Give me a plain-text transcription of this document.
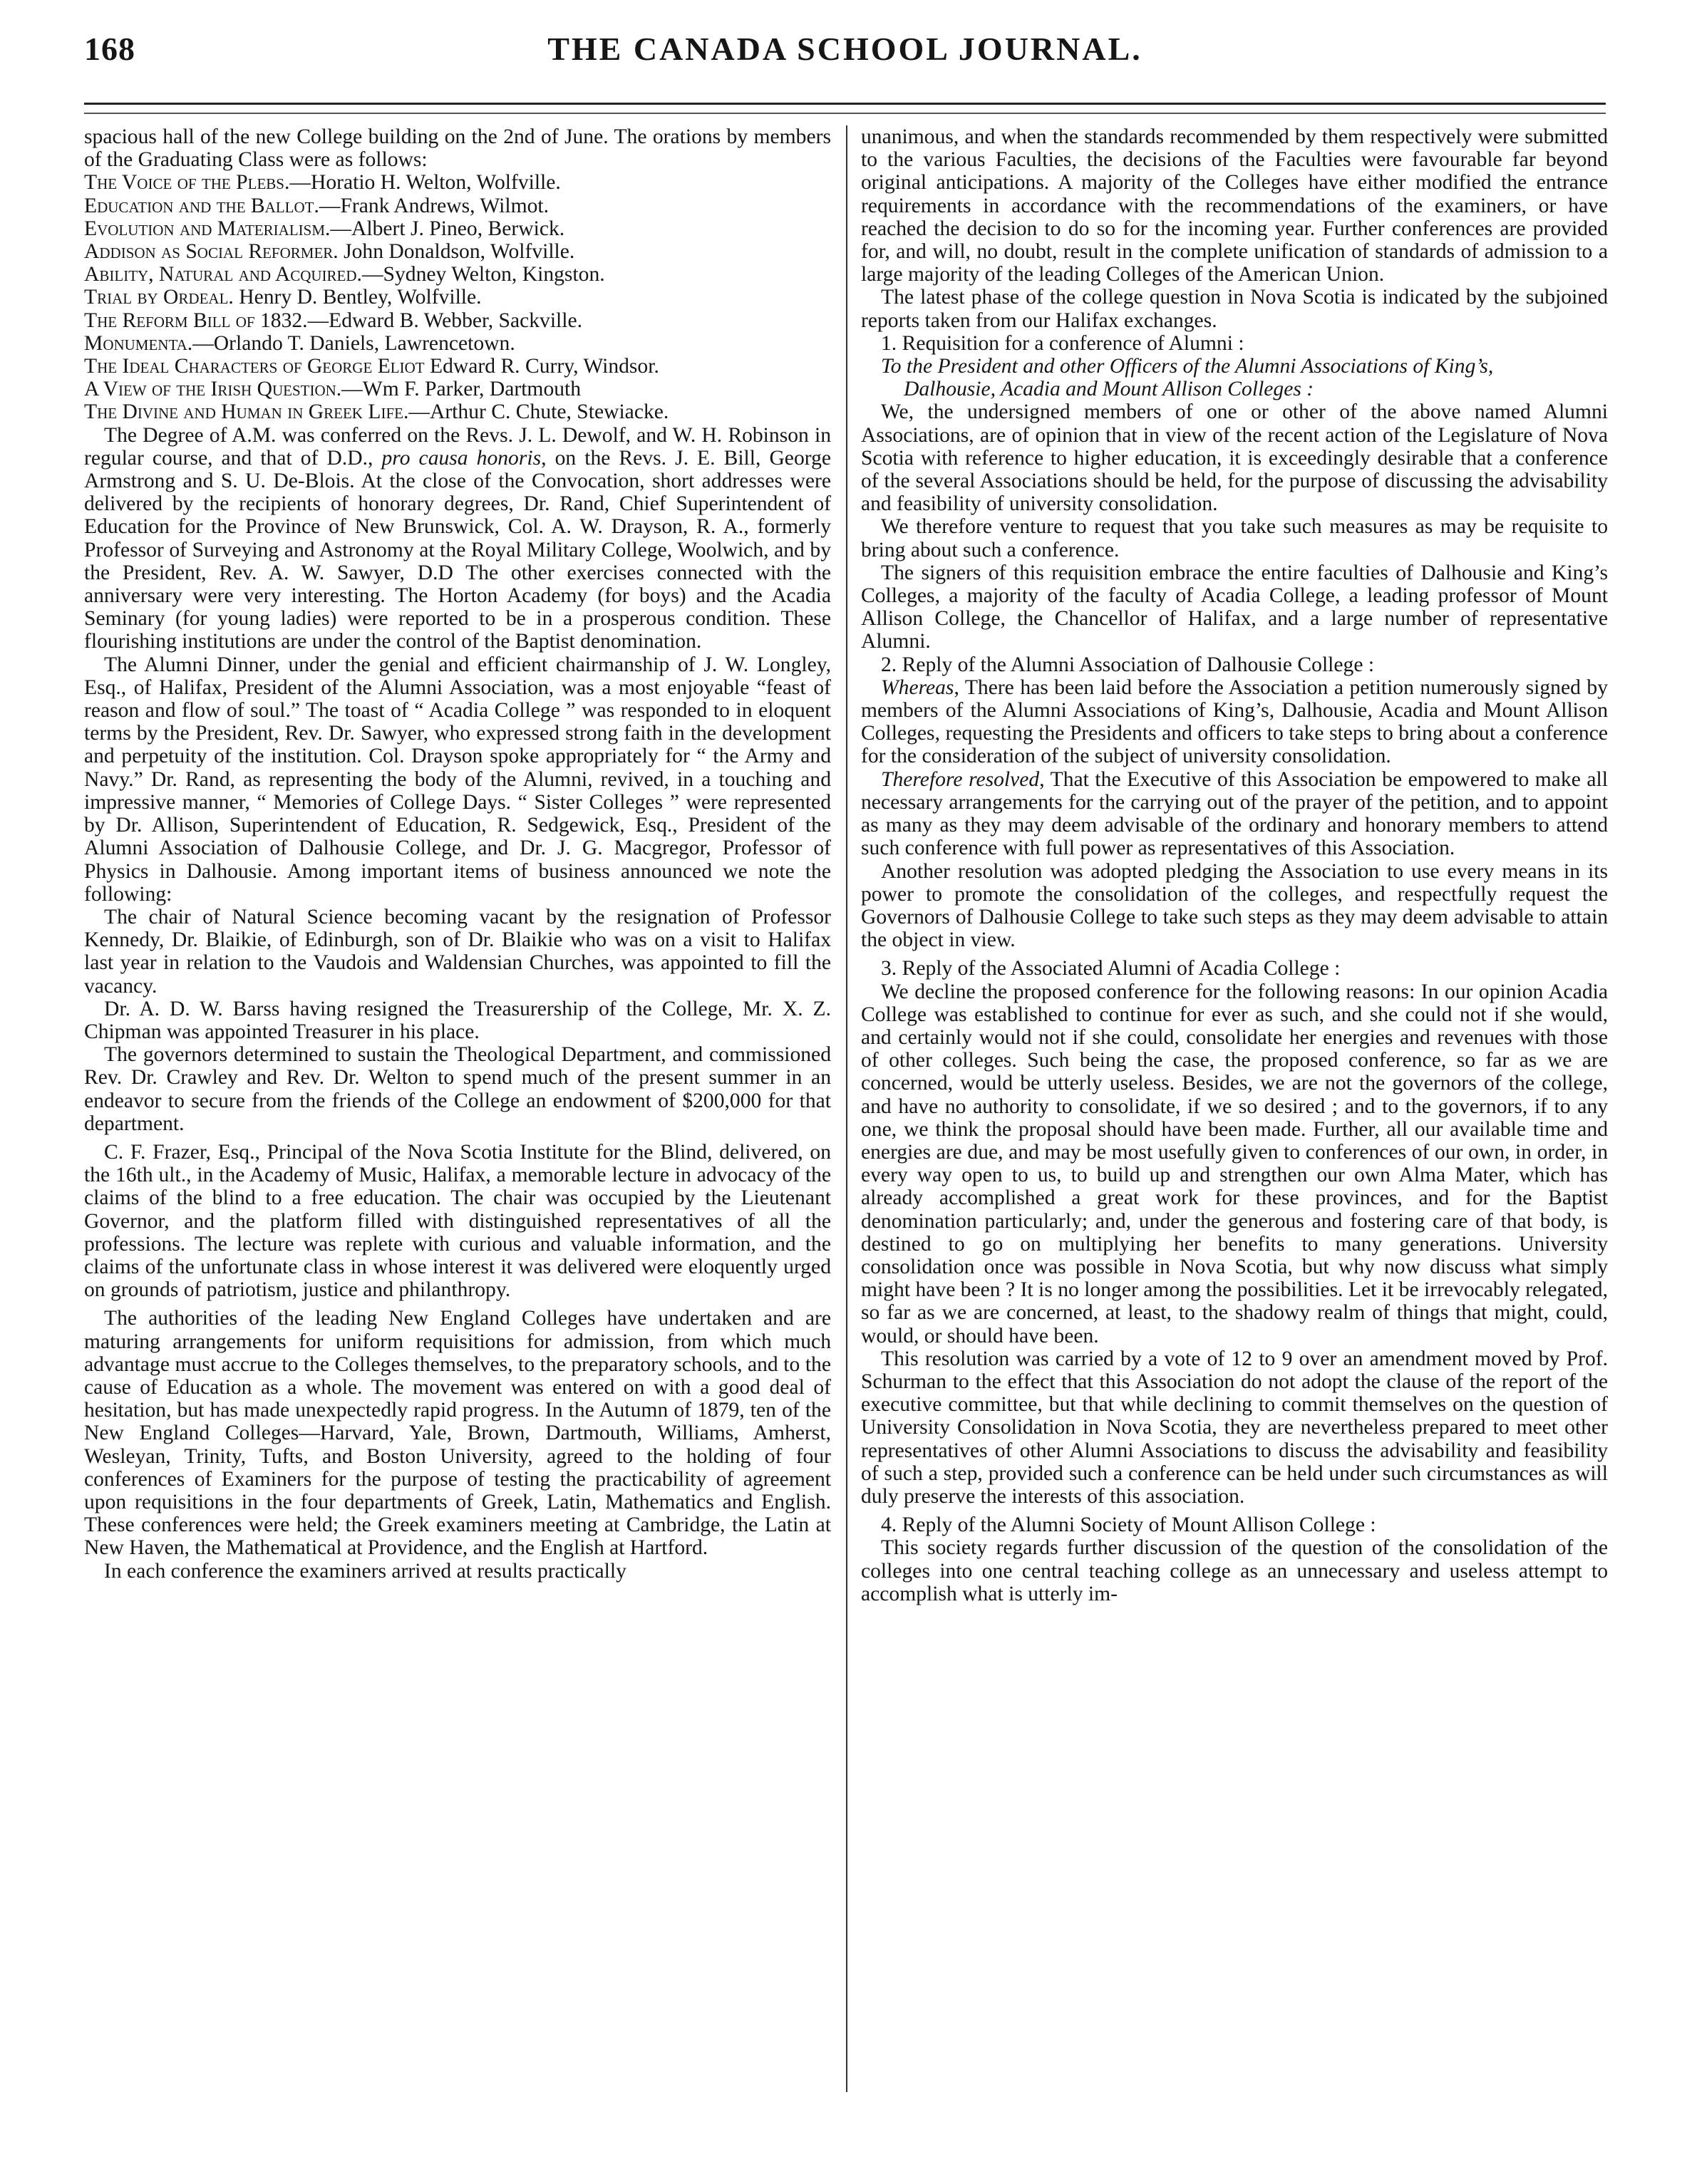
168	THE CANADA SCHOOL JOURNAL.

spacious hall of the new College building on the 2nd of June. The orations by members of the Graduating Class were as follows:

The Voice of the Plebs.—Horatio H. Welton, Wolfville.

Education and the Ballot.—Frank Andrews, Wilmot.

Evolution and Materialism.—Albert J. Pineo, Berwick.

Addison as Social Reformer. John Donaldson, Wolfville.

Ability, Natural and Acquired.—Sydney Welton, Kingston.

Trial by Ordeal. Henry D. Bentley, Wolfville.

The Reform Bill of 1832.—Edward B. Webber, Sackville.

Monumenta.—Orlando T. Daniels, Lawrencetown.

The Ideal Characters of George Eliot Edward R. Curry, Windsor.

A View of the Irish Question.—Wm F. Parker, Dartmouth

The Divine and Human in Greek Life.—Arthur C. Chute, Stewiacke.

The Degree of A.M. was conferred on the Revs. J. L. Dewolf, and W. H. Robinson in regular course, and that of D.D., pro causa honoris, on the Revs. J. E. Bill, George Armstrong and S. U. De-Blois. At the close of the Convocation, short addresses were delivered by the recipients of honorary degrees, Dr. Rand, Chief Superintendent of Education for the Province of New Brunswick, Col. A. W. Drayson, R. A., formerly Professor of Surveying and Astronomy at the Royal Military College, Woolwich, and by the President, Rev. A. W. Sawyer, D.D The other exercises connected with the anniversary were very interesting. The Horton Academy (for boys) and the Acadia Seminary (for young ladies) were reported to be in a prosperous condition. These flourishing institutions are under the control of the Baptist denomination.

The Alumni Dinner, under the genial and efficient chairmanship of J. W. Longley, Esq., of Halifax, President of the Alumni Association, was a most enjoyable “feast of reason and flow of soul.” The toast of “ Acadia College ” was responded to in eloquent terms by the President, Rev. Dr. Sawyer, who expressed strong faith in the development and perpetuity of the institution. Col. Drayson spoke appropriately for “ the Army and Navy.” Dr. Rand, as representing the body of the Alumni, revived, in a touching and impressive manner, “ Memories of College Days. “ Sister Colleges ” were represented by Dr. Allison, Superintendent of Education, R. Sedgewick, Esq., President of the Alumni Association of Dalhousie College, and Dr. J. G. Macgregor, Professor of Physics in Dalhousie. Among important items of business announced we note the following:

The chair of Natural Science becoming vacant by the resignation of Professor Kennedy, Dr. Blaikie, of Edinburgh, son of Dr. Blaikie who was on a visit to Halifax last year in relation to the Vaudois and Waldensian Churches, was appointed to fill the vacancy.

Dr. A. D. W. Barss having resigned the Treasurership of the College, Mr. X. Z. Chipman was appointed Treasurer in his place.

The governors determined to sustain the Theological Department, and commissioned Rev. Dr. Crawley and Rev. Dr. Welton to spend much of the present summer in an endeavor to secure from the friends of the College an endowment of $200,000 for that department.

C. F. Frazer, Esq., Principal of the Nova Scotia Institute for the Blind, delivered, on the 16th ult., in the Academy of Music, Halifax, a memorable lecture in advocacy of the claims of the blind to a free education. The chair was occupied by the Lieutenant Governor, and the platform filled with distinguished representatives of all the professions. The lecture was replete with curious and valuable information, and the claims of the unfortunate class in whose interest it was delivered were eloquently urged on grounds of patriotism, justice and philanthropy.

The authorities of the leading New England Colleges have undertaken and are maturing arrangements for uniform requisitions for admission, from which much advantage must accrue to the Colleges themselves, to the preparatory schools, and to the cause of Education as a whole. The movement was entered on with a good deal of hesitation, but has made unexpectedly rapid progress. In the Autumn of 1879, ten of the New England Colleges—Harvard, Yale, Brown, Dartmouth, Williams, Amherst, Wesleyan, Trinity, Tufts, and Boston University, agreed to the holding of four conferences of Examiners for the purpose of testing the practicability of agreement upon requisitions in the four departments of Greek, Latin, Mathematics and English. These conferences were held; the Greek examiners meeting at Cambridge, the Latin at New Haven, the Mathematical at Providence, and the English at Hartford.

In each conference the examiners arrived at results practically

unanimous, and when the standards recommended by them respectively were submitted to the various Faculties, the decisions of the Faculties were favourable far beyond original anticipations. A majority of the Colleges have either modified the entrance requirements in accordance with the recommendations of the examiners, or have reached the decision to do so for the incoming year. Further conferences are provided for, and will, no doubt, result in the complete unification of standards of admission to a large majority of the leading Colleges of the American Union.

The latest phase of the college question in Nova Scotia is indicated by the subjoined reports taken from our Halifax exchanges.

1. Requisition for a conference of Alumni :

To the President and other Officers of the Alumni Associations of King’s,

Dalhousie, Acadia and Mount Allison Colleges :

We, the undersigned members of one or other of the above named Alumni Associations, are of opinion that in view of the recent action of the Legislature of Nova Scotia with reference to higher education, it is exceedingly desirable that a conference of the several Associations should be held, for the purpose of discussing the advisability and feasibility of university consolidation.

We therefore venture to request that you take such measures as may be requisite to bring about such a conference.

The signers of this requisition embrace the entire faculties of Dalhousie and King’s Colleges, a majority of the faculty of Acadia College, a leading professor of Mount Allison College, the Chancellor of Halifax, and a large number of representative Alumni.

2. Reply of the Alumni Association of Dalhousie College :

Whereas, There has been laid before the Association a petition numerously signed by members of the Alumni Associations of King’s, Dalhousie, Acadia and Mount Allison Colleges, requesting the Presidents and officers to take steps to bring about a conference for the consideration of the subject of university consolidation.

Therefore resolved, That the Executive of this Association be empowered to make all necessary arrangements for the carrying out of the prayer of the petition, and to appoint as many as they may deem advisable of the ordinary and honorary members to attend such conference with full power as representatives of this Association.

Another resolution was adopted pledging the Association to use every means in its power to promote the consolidation of the colleges, and respectfully request the Governors of Dalhousie College to take such steps as they may deem advisable to attain the object in view.

3. Reply of the Associated Alumni of Acadia College :

We decline the proposed conference for the following reasons: In our opinion Acadia College was established to continue for ever as such, and she could not if she would, and certainly would not if she could, consolidate her energies and revenues with those of other colleges. Such being the case, the proposed conference, so far as we are concerned, would be utterly useless. Besides, we are not the governors of the college, and have no authority to consolidate, if we so desired ; and to the governors, if to any one, we think the proposal should have been made. Further, all our available time and energies are due, and may be most usefully given to conferences of our own, in order, in every way open to us, to build up and strengthen our own Alma Mater, which has already accomplished a great work for these provinces, and for the Baptist denomination particularly; and, under the generous and fostering care of that body, is destined to go on multiplying her benefits to many generations. University consolidation once was possible in Nova Scotia, but why now discuss what simply might have been ? It is no longer among the possibilities. Let it be irrevocably relegated, so far as we are concerned, at least, to the shadowy realm of things that might, could, would, or should have been.

This resolution was carried by a vote of 12 to 9 over an amendment moved by Prof. Schurman to the effect that this Association do not adopt the clause of the report of the executive committee, but that while declining to commit themselves on the question of University Consolidation in Nova Scotia, they are nevertheless prepared to meet other representatives of other Alumni Associations to discuss the advisability and feasibility of such a step, provided such a conference can be held under such circumstances as will duly preserve the interests of this association.

4. Reply of the Alumni Society of Mount Allison College :

This society regards further discussion of the question of the consolidation of the colleges into one central teaching college as an unnecessary and useless attempt to accomplish what is utterly im-
